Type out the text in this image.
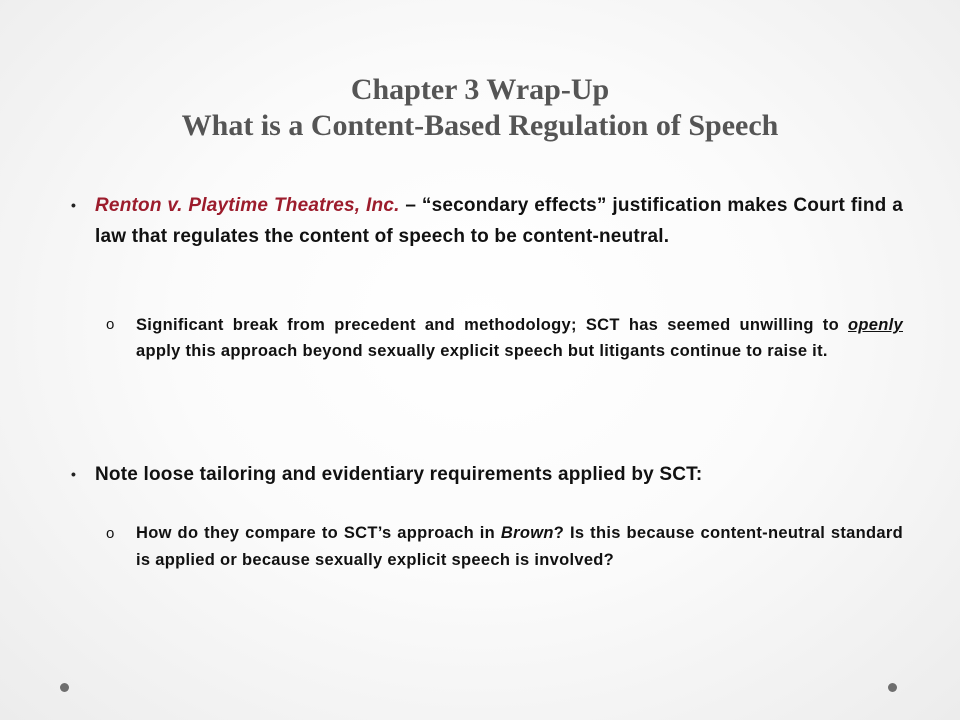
Chapter 3 Wrap-Up
What is a Content-Based Regulation of Speech
• Renton v. Playtime Theatres, Inc. – “secondary effects” justification makes Court find a law that regulates the content of speech to be content-neutral.
o Significant break from precedent and methodology; SCT has seemed unwilling to openly apply this approach beyond sexually explicit speech but litigants continue to raise it.
• Note loose tailoring and evidentiary requirements applied by SCT:
o How do they compare to SCT’s approach in Brown? Is this because content-neutral standard is applied or because sexually explicit speech is involved?
